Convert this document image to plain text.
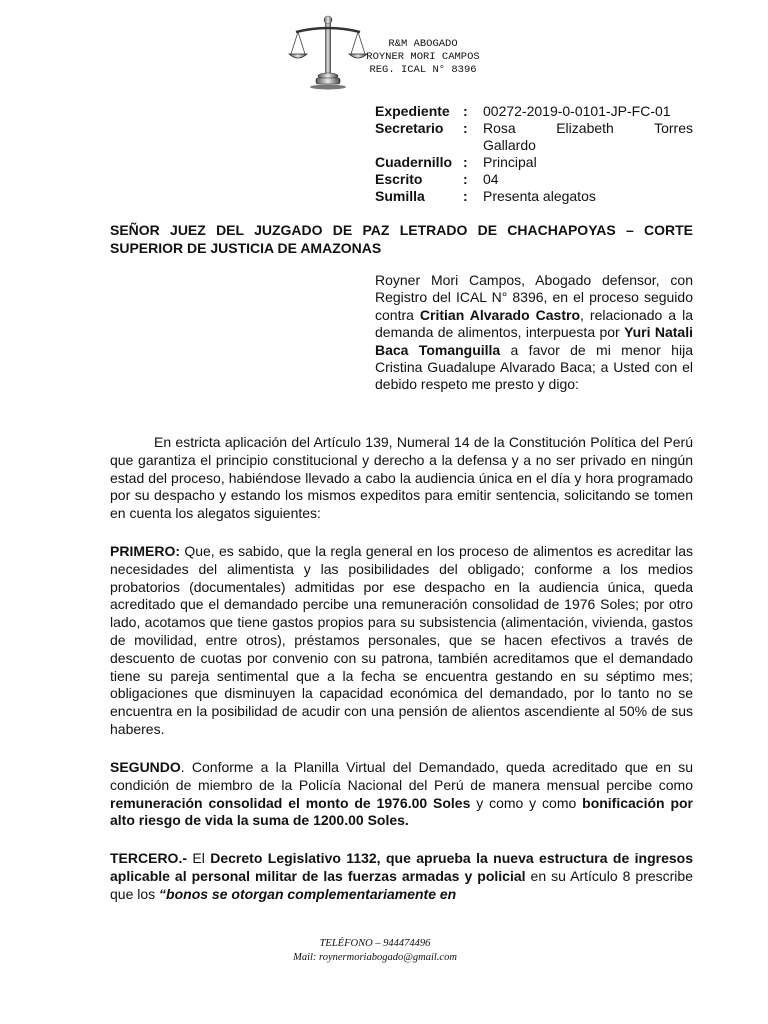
R&M ABOGADO
ROYNER MORI CAMPOS
REG. ICAL N° 8396
Expediente :	00272-2019-0-0101-JP-FC-01
Secretario	:	Rosa Elizabeth Torres
Gallardo
Cuadernillo :	Principal
Escrito	:	04
Sumilla	:	Presenta alegatos
SEÑOR JUEZ DEL JUZGADO DE PAZ LETRADO DE CHACHAPOYAS – CORTE SUPERIOR DE JUSTICIA DE AMAZONAS
Royner Mori Campos, Abogado defensor, con Registro del ICAL N° 8396, en el proceso seguido contra Critian Alvarado Castro, relacionado a la demanda de alimentos, interpuesta por Yuri Natali Baca Tomanguilla a favor de mi menor hija Cristina Guadalupe Alvarado Baca; a Usted con el debido respeto me presto y digo:
En estricta aplicación del Artículo 139, Numeral 14 de la Constitución Política del Perú que garantiza el principio constitucional y derecho a la defensa y a no ser privado en ningún estad del proceso, habiéndose llevado a cabo la audiencia única en el día y hora programado por su despacho y estando los mismos expeditos para emitir sentencia, solicitando se tomen en cuenta los alegatos siguientes:
PRIMERO: Que, es sabido, que la regla general en los proceso de alimentos es acreditar las necesidades del alimentista y las posibilidades del obligado; conforme a los medios probatorios (documentales) admitidas por ese despacho en la audiencia única, queda acreditado que el demandado percibe una remuneración consolidad de 1976 Soles; por otro lado, acotamos que tiene gastos propios para su subsistencia (alimentación, vivienda, gastos de movilidad, entre otros), préstamos personales, que se hacen efectivos a través de descuento de cuotas por convenio con su patrona, también acreditamos que el demandado tiene su pareja sentimental que a la fecha se encuentra gestando en su séptimo mes; obligaciones que disminuyen la capacidad económica del demandado, por lo tanto no se encuentra en la posibilidad de acudir con una pensión de alientos ascendiente al 50% de sus haberes.
SEGUNDO. Conforme a la Planilla Virtual del Demandado, queda acreditado que en su condición de miembro de la Policía Nacional del Perú de manera mensual percibe como remuneración consolidad el monto de 1976.00 Soles y como y como bonificación por alto riesgo de vida la suma de 1200.00 Soles.
TERCERO.- El Decreto Legislativo 1132, que aprueba la nueva estructura de ingresos aplicable al personal militar de las fuerzas armadas y policial en su Artículo 8 prescribe que los “bonos se otorgan complementariamente en
TELÉFONO – 944474496
Mail: roynermoriabogado@gmail.com
